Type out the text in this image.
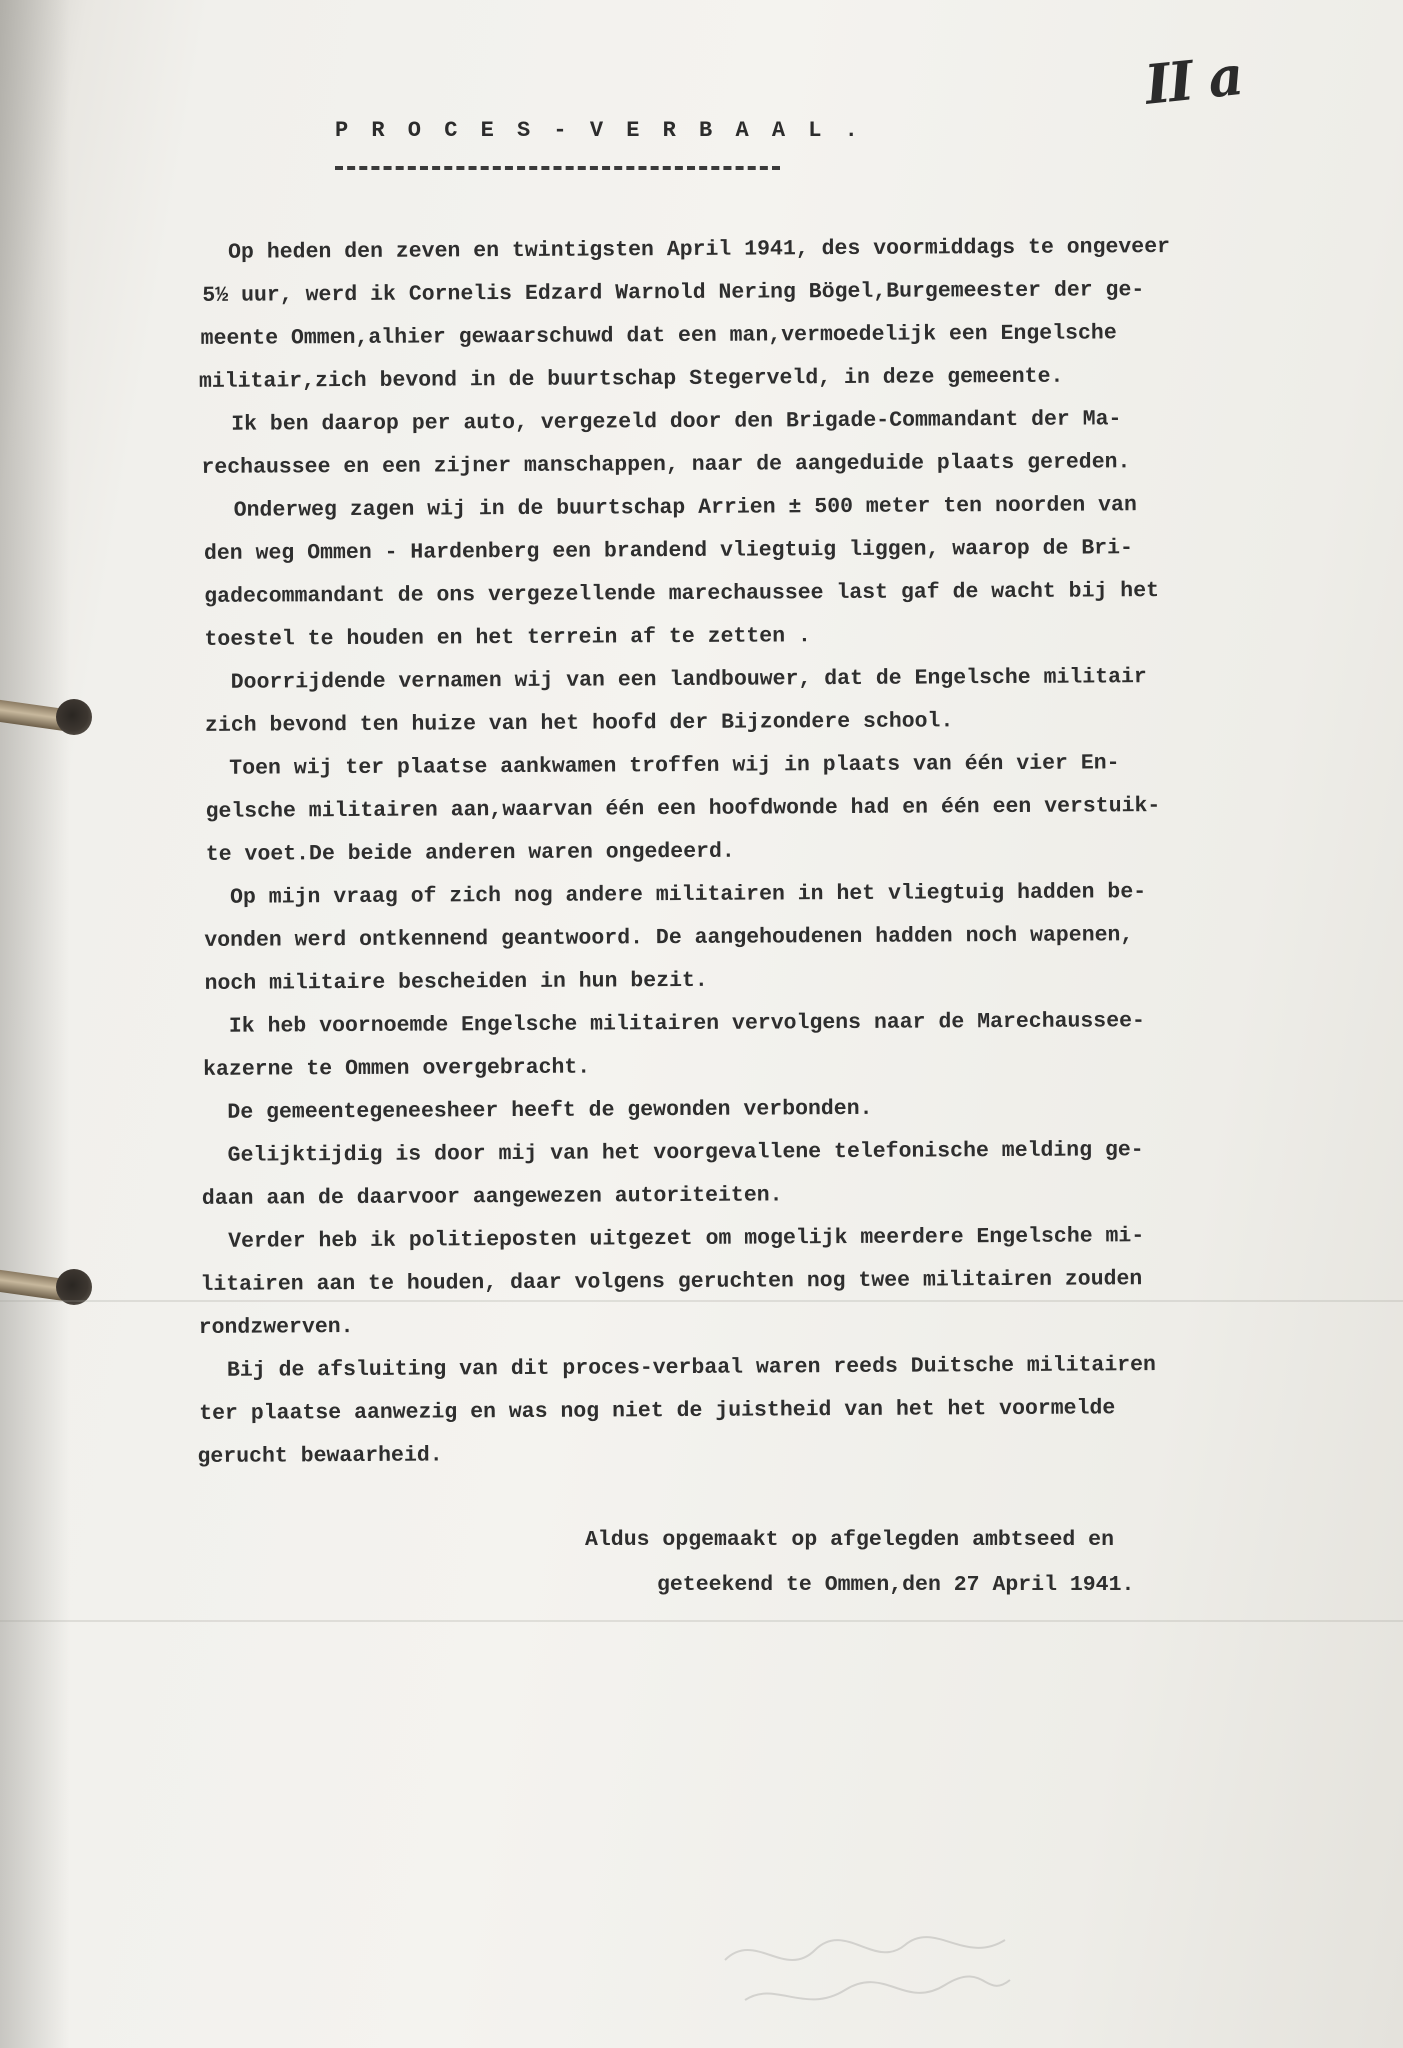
II a
P R O C E S - V E R B A A L .
Op heden den zeven en twintigsten April 1941, des voormiddags te ongeveer
5½ uur, werd ik Cornelis Edzard Warnold Nering Bögel,Burgemeester der ge-
meente Ommen,alhier gewaarschuwd dat een man,vermoedelijk een Engelsche
militair,zich bevond in de buurtschap Stegerveld, in deze gemeente.
Ik ben daarop per auto, vergezeld door den Brigade-Commandant der Ma-
rechaussee en een zijner manschappen, naar de aangeduide plaats gereden.
Onderweg zagen wij in de buurtschap Arrien ± 500 meter ten noorden van
den weg Ommen - Hardenberg een brandend vliegtuig liggen, waarop de Bri-
gadecommandant de ons vergezellende marechaussee last gaf de wacht bij het
toestel te houden en het terrein af te zetten .
Doorrijdende vernamen wij van een landbouwer, dat de Engelsche militair
zich bevond ten huize van het hoofd der Bijzondere school.
Toen wij ter plaatse aankwamen troffen wij in plaats van één vier En-
gelsche militairen aan,waarvan één een hoofdwonde had en één een verstuik-
te voet.De beide anderen waren ongedeerd.
Op mijn vraag of zich nog andere militairen in het vliegtuig hadden be-
vonden werd ontkennend geantwoord. De aangehoudenen hadden noch wapenen,
noch militaire bescheiden in hun bezit.
Ik heb voornoemde Engelsche militairen vervolgens naar de Marechaussee-
kazerne te Ommen overgebracht.
De gemeentegeneesheer heeft de gewonden verbonden.
Gelijktijdig is door mij van het voorgevallene telefonische melding ge-
daan aan de daarvoor aangewezen autoriteiten.
Verder heb ik politieposten uitgezet om mogelijk meerdere Engelsche mi-
litairen aan te houden, daar volgens geruchten nog twee militairen zouden
rondzwerven.
Bij de afsluiting van dit proces-verbaal waren reeds Duitsche militairen
ter plaatse aanwezig en was nog niet de juistheid van het het voormelde
gerucht bewaarheid.
Aldus opgemaakt op afgelegden ambtseed en
geteekend te Ommen,den 27 April 1941.
